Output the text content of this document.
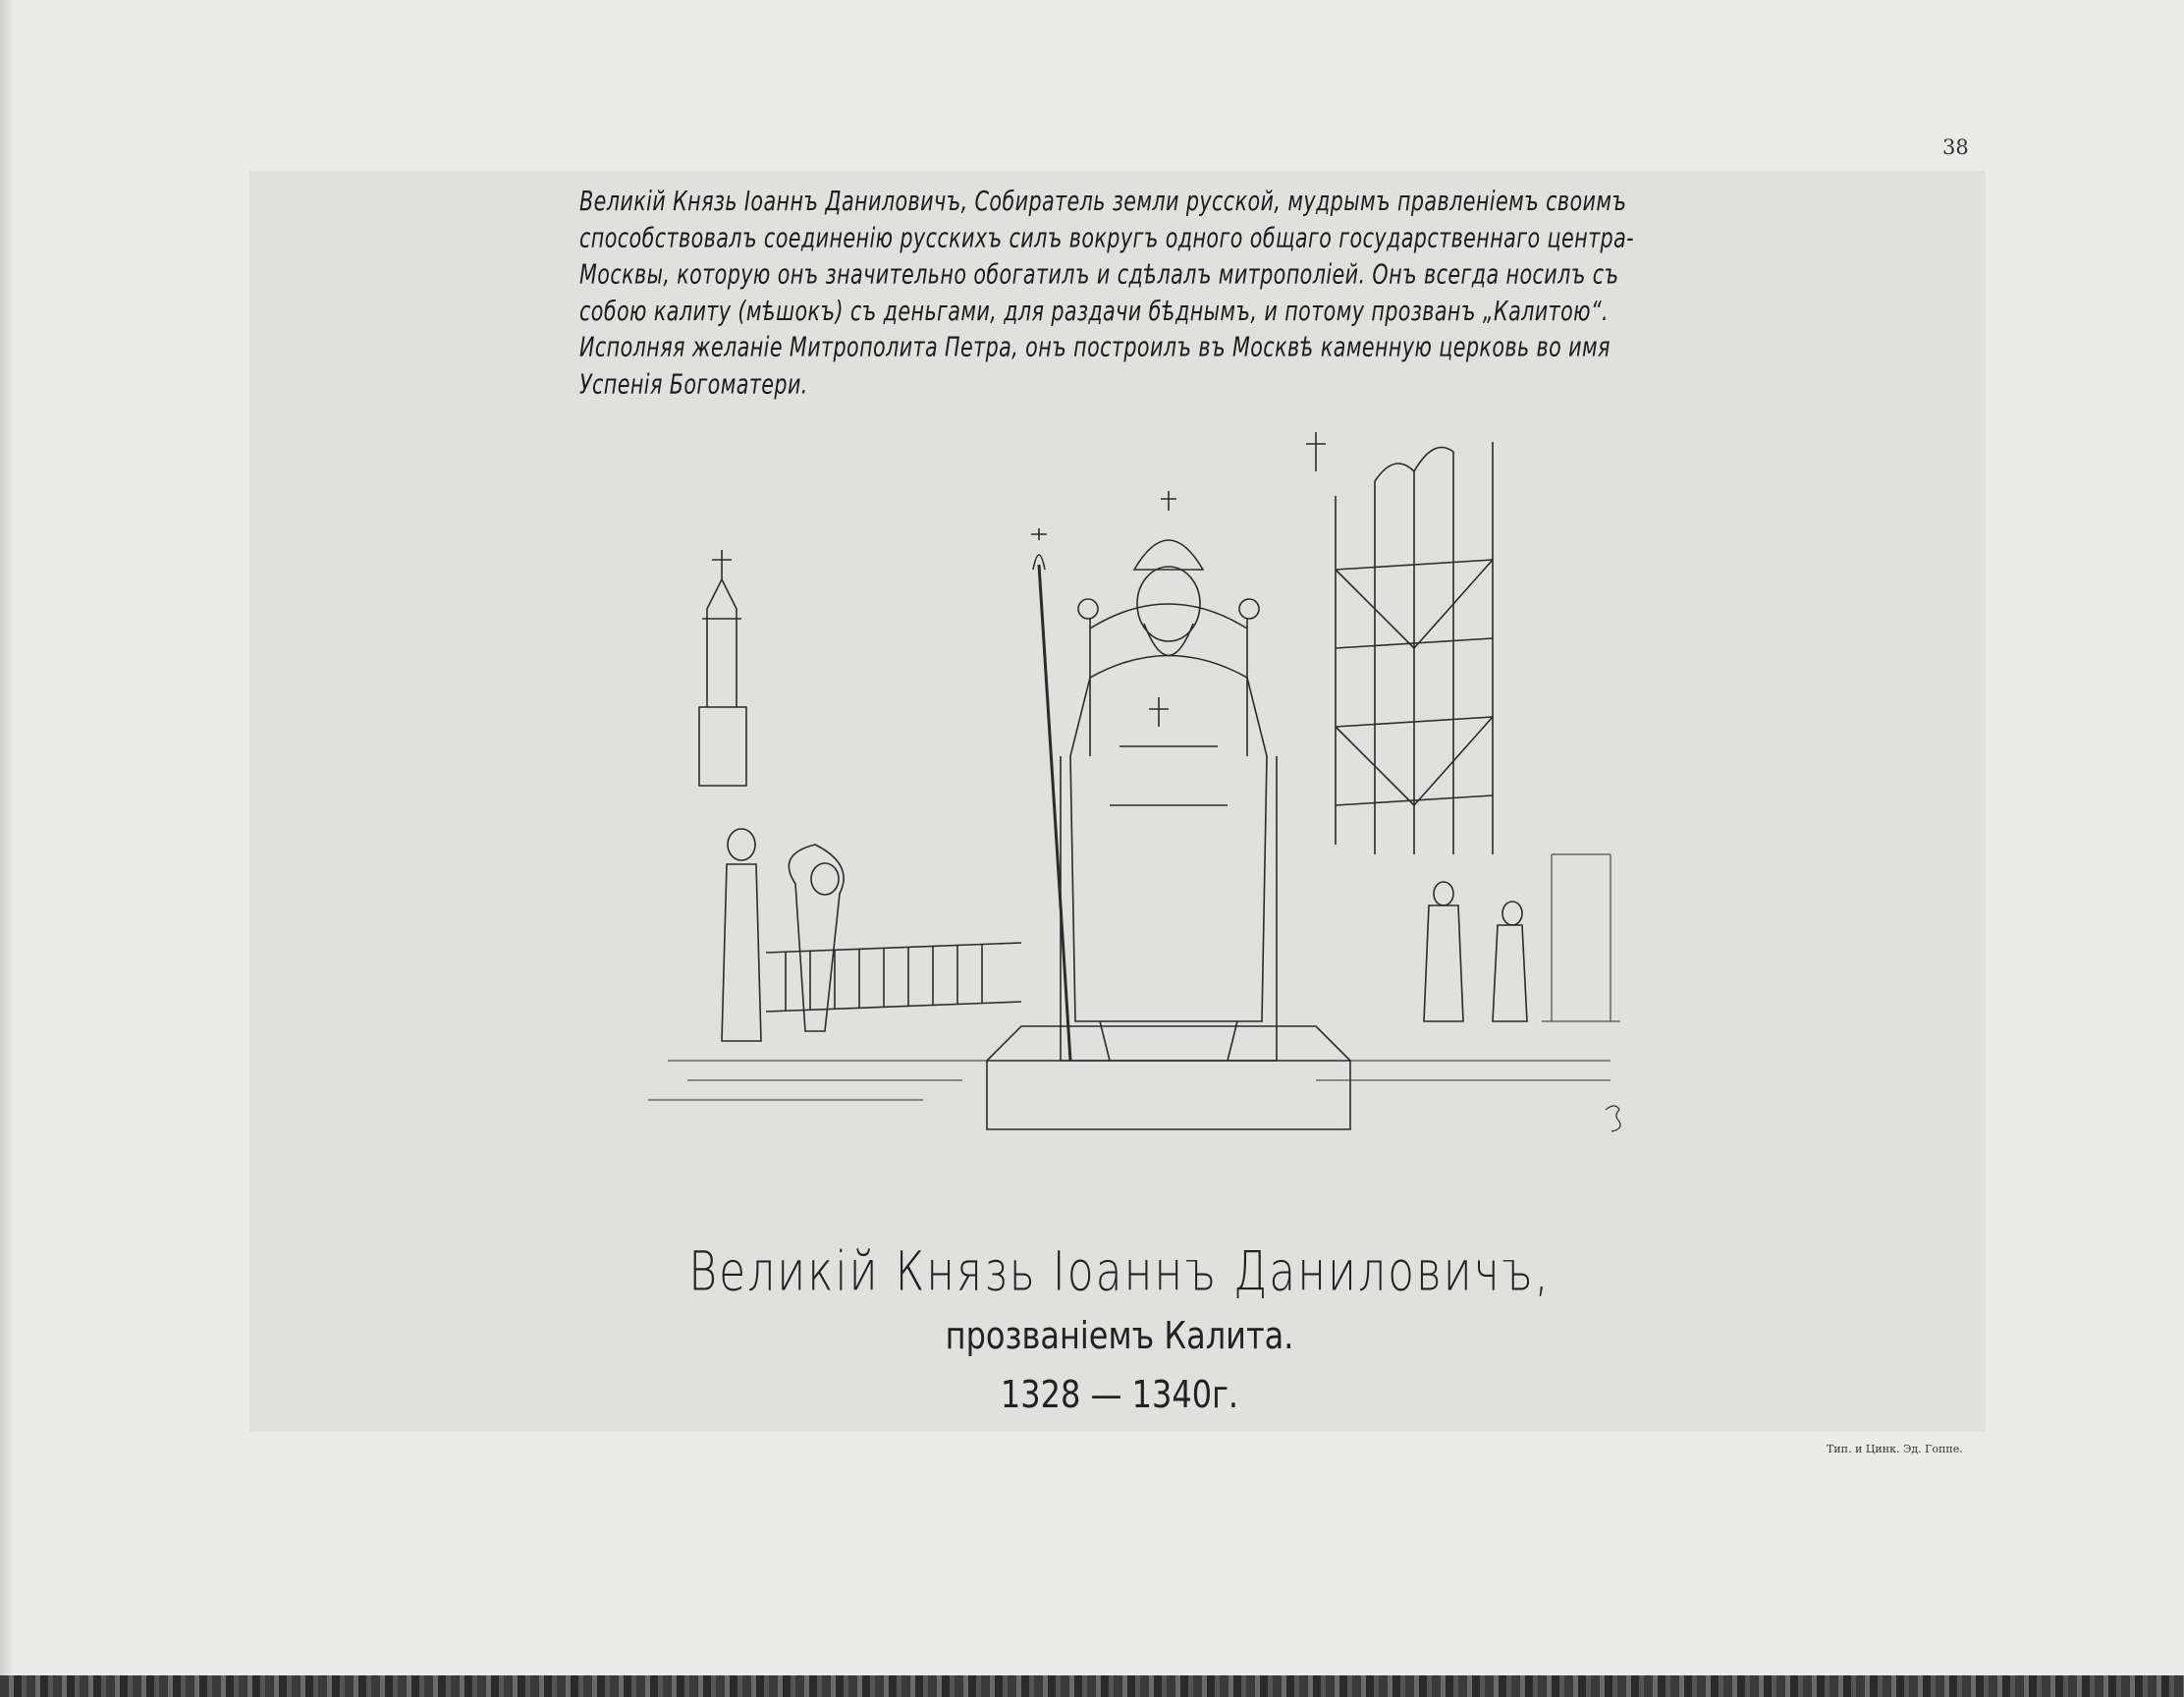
38
Великій Князь Іоаннъ Даниловичъ, Собиратель земли русской, мудрымъ правленіемъ своимъ способствовалъ соединенію русскихъ силъ вокругъ одного общаго государственнаго центра-Москвы, которую онъ значительно обогатилъ и сдѣлалъ митрополіей. Онъ всегда носилъ съ собою калиту (мѣшокъ) съ деньгами, для раздачи бѣднымъ, и потому прозванъ „Калитою“. Исполняя желаніе Митрополита Петра, онъ построилъ въ Москвѣ каменную церковь во имя Успенія Богоматери.
Великій Князь Іоаннъ Даниловичъ,
прозваніемъ Калита.
1328 — 1340г.
Тип. и Цинк. Эд. Гоппе.
